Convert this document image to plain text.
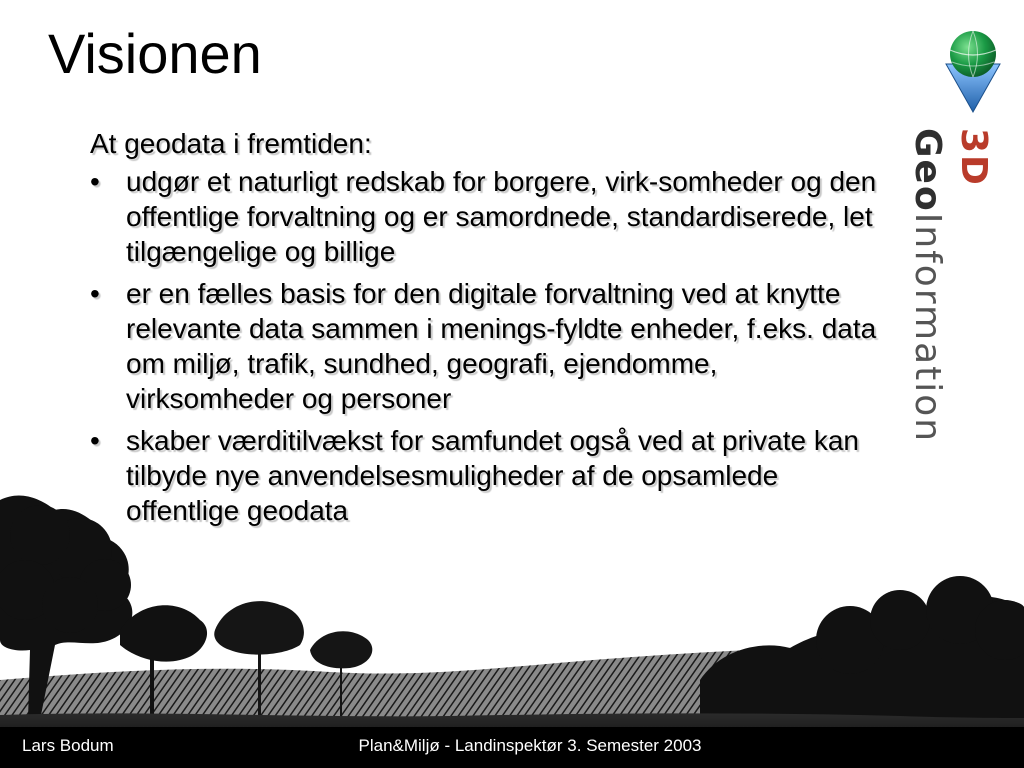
Visionen

At geodata i fremtiden:

• udgør et naturligt redskab for borgere, virk-somheder og den offentlige forvaltning og er samordnede, standardiserede, let tilgængelige og billige
• er en fælles basis for den digitale forvaltning ved at knytte relevante data sammen i menings-fyldte enheder, f.eks. data om miljø, trafik, sundhed, geografi, ejendomme, virksomheder og personer
• skaber værditilvækst for samfundet også ved at private kan tilbyde nye anvendelsesmuligheder af de opsamlede offentlige geodata
3D GeoInformation
Lars Bodum	Plan&Miljø - Landinspektør 3. Semester 2003
